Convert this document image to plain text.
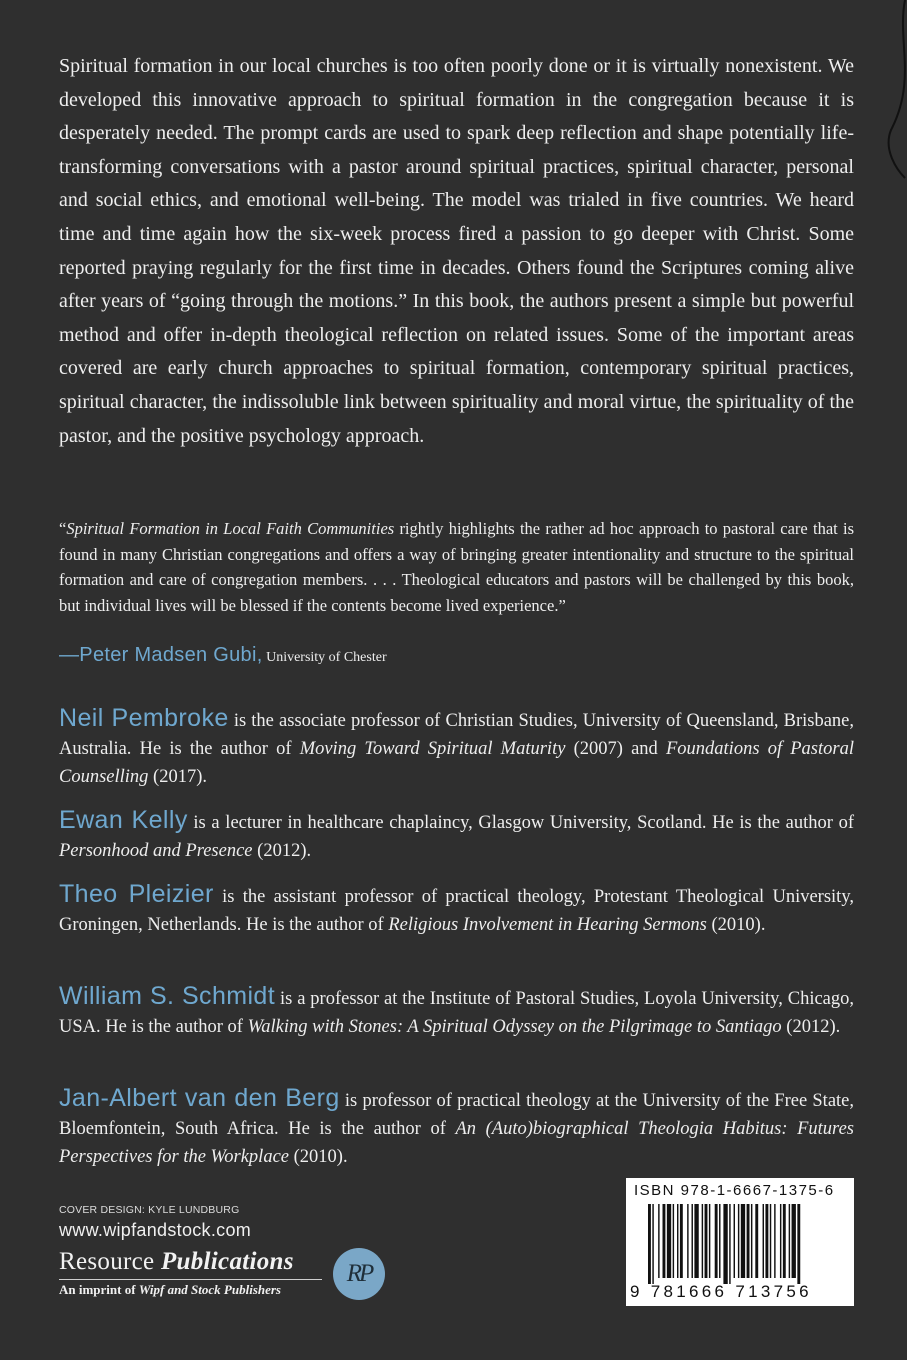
Spiritual formation in our local churches is too often poorly done or it is virtually nonexistent. We developed this innovative approach to spiritual formation in the congregation because it is desperately needed. The prompt cards are used to spark deep reflection and shape potentially life-transforming conversations with a pastor around spiritual practices, spiritual character, personal and social ethics, and emotional well-being. The model was trialed in five countries. We heard time and time again how the six-week process fired a passion to go deeper with Christ. Some reported praying regularly for the first time in decades. Others found the Scriptures coming alive after years of “going through the motions.” In this book, the authors present a simple but powerful method and offer in-depth theological reflection on related issues. Some of the important areas covered are early church approaches to spiritual formation, contemporary spiritual practices, spiritual character, the indissoluble link between spirituality and moral virtue, the spirituality of the pastor, and the positive psychology approach.

“Spiritual Formation in Local Faith Communities rightly highlights the rather ad hoc approach to pastoral care that is found in many Christian congregations and offers a way of bringing greater intentionality and structure to the spiritual formation and care of congregation members. . . . Theological educators and pastors will be challenged by this book, but individual lives will be blessed if the contents become lived experience.”

—Peter Madsen Gubi, University of Chester

Neil Pembroke is the associate professor of Christian Studies, University of Queensland, Brisbane, Australia. He is the author of Moving Toward Spiritual Maturity (2007) and Foundations of Pastoral Counselling (2017).

Ewan Kelly is a lecturer in healthcare chaplaincy, Glasgow University, Scotland. He is the author of Personhood and Presence (2012).

Theo Pleizier is the assistant professor of practical theology, Protestant Theological University, Groningen, Netherlands. He is the author of Religious Involvement in Hearing Sermons (2010).

William S. Schmidt is a professor at the Institute of Pastoral Studies, Loyola University, Chicago, USA. He is the author of Walking with Stones: A Spiritual Odyssey on the Pilgrimage to Santiago (2012).

Jan-Albert van den Berg is professor of practical theology at the University of the Free State, Bloemfontein, South Africa. He is the author of An (Auto)biographical Theologia Habitus: Futures Perspectives for the Workplace (2010).

COVER DESIGN: KYLE LUNDBURG
www.wipfandstock.com
Resource Publications
An imprint of Wipf and Stock Publishers
RP
ISBN 978-1-6667-1375-6
9 781666 713756
